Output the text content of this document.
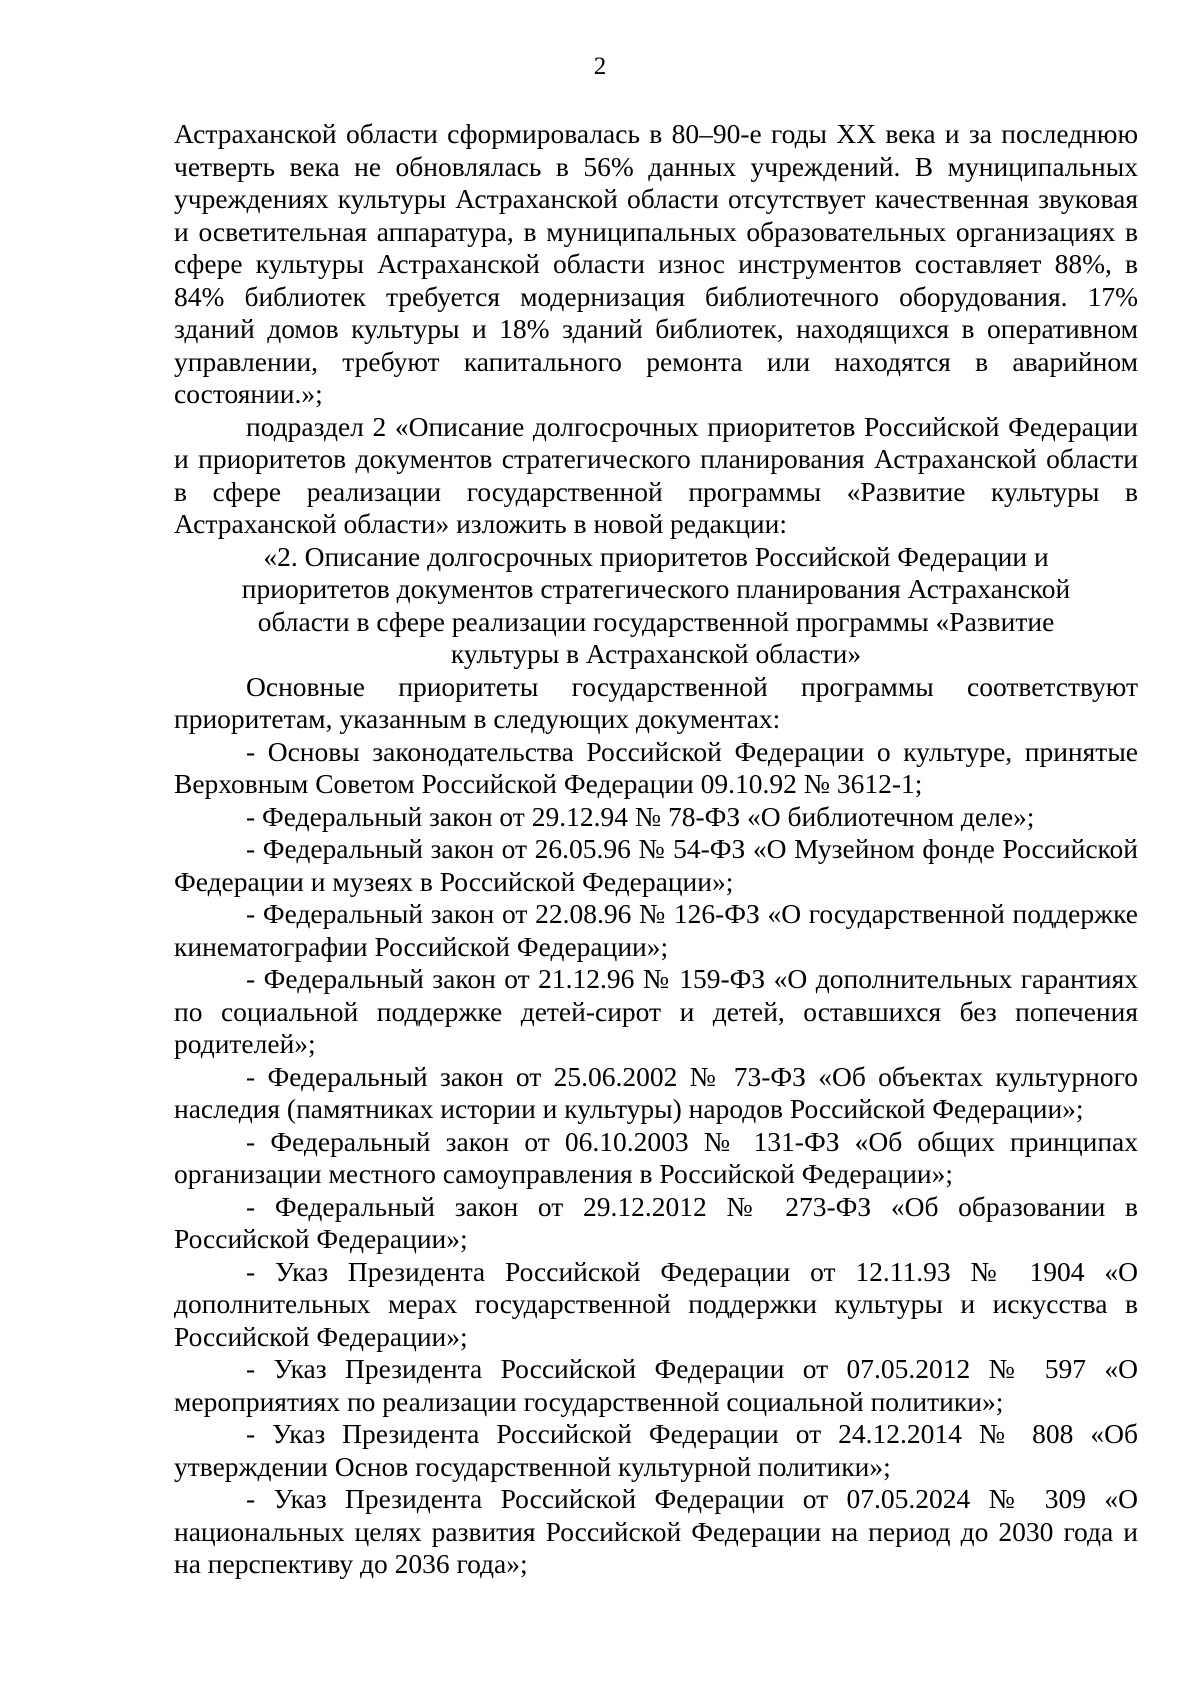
2

Астраханской области сформировалась в 80–90-е годы XX века и за последнюю четверть века не обновлялась в 56% данных учреждений. В муниципальных учреждениях культуры Астраханской области отсутствует качественная звуковая и осветительная аппаратура, в муниципальных образовательных организациях в сфере культуры Астраханской области износ инструментов составляет 88%, в 84% библиотек требуется модернизация библиотечного оборудования. 17% зданий домов культуры и 18% зданий библиотек, находящихся в оперативном управлении, требуют капитального ремонта или находятся в аварийном состоянии.»;

подраздел 2 «Описание долгосрочных приоритетов Российской Федерации и приоритетов документов стратегического планирования Астраханской области в сфере реализации государственной программы «Развитие культуры в Астраханской области» изложить в новой редакции:

«2. Описание долгосрочных приоритетов Российской Федерации и приоритетов документов стратегического планирования Астраханской области в сфере реализации государственной программы «Развитие культуры в Астраханской области»

Основные приоритеты государственной программы соответствуют приоритетам, указанным в следующих документах:

- Основы законодательства Российской Федерации о культуре, принятые Верховным Советом Российской Федерации 09.10.92 № 3612-1;

- Федеральный закон от 29.12.94 № 78-ФЗ «О библиотечном деле»;

- Федеральный закон от 26.05.96 № 54-ФЗ «О Музейном фонде Российской Федерации и музеях в Российской Федерации»;

- Федеральный закон от 22.08.96 № 126-ФЗ «О государственной поддержке кинематографии Российской Федерации»;

- Федеральный закон от 21.12.96 № 159-ФЗ «О дополнительных гарантиях по социальной поддержке детей-сирот и детей, оставшихся без попечения родителей»;

- Федеральный закон от 25.06.2002 № 73-ФЗ «Об объектах культурного наследия (памятниках истории и культуры) народов Российской Федерации»;

- Федеральный закон от 06.10.2003 № 131-ФЗ «Об общих принципах организации местного самоуправления в Российской Федерации»;

- Федеральный закон от 29.12.2012 № 273-ФЗ «Об образовании в Российской Федерации»;

- Указ Президента Российской Федерации от 12.11.93 № 1904 «О дополнительных мерах государственной поддержки культуры и искусства в Российской Федерации»;

- Указ Президента Российской Федерации от 07.05.2012 № 597 «О мероприятиях по реализации государственной социальной политики»;

- Указ Президента Российской Федерации от 24.12.2014 № 808 «Об утверждении Основ государственной культурной политики»;

- Указ Президента Российской Федерации от 07.05.2024 № 309 «О национальных целях развития Российской Федерации на период до 2030 года и на перспективу до 2036 года»;
